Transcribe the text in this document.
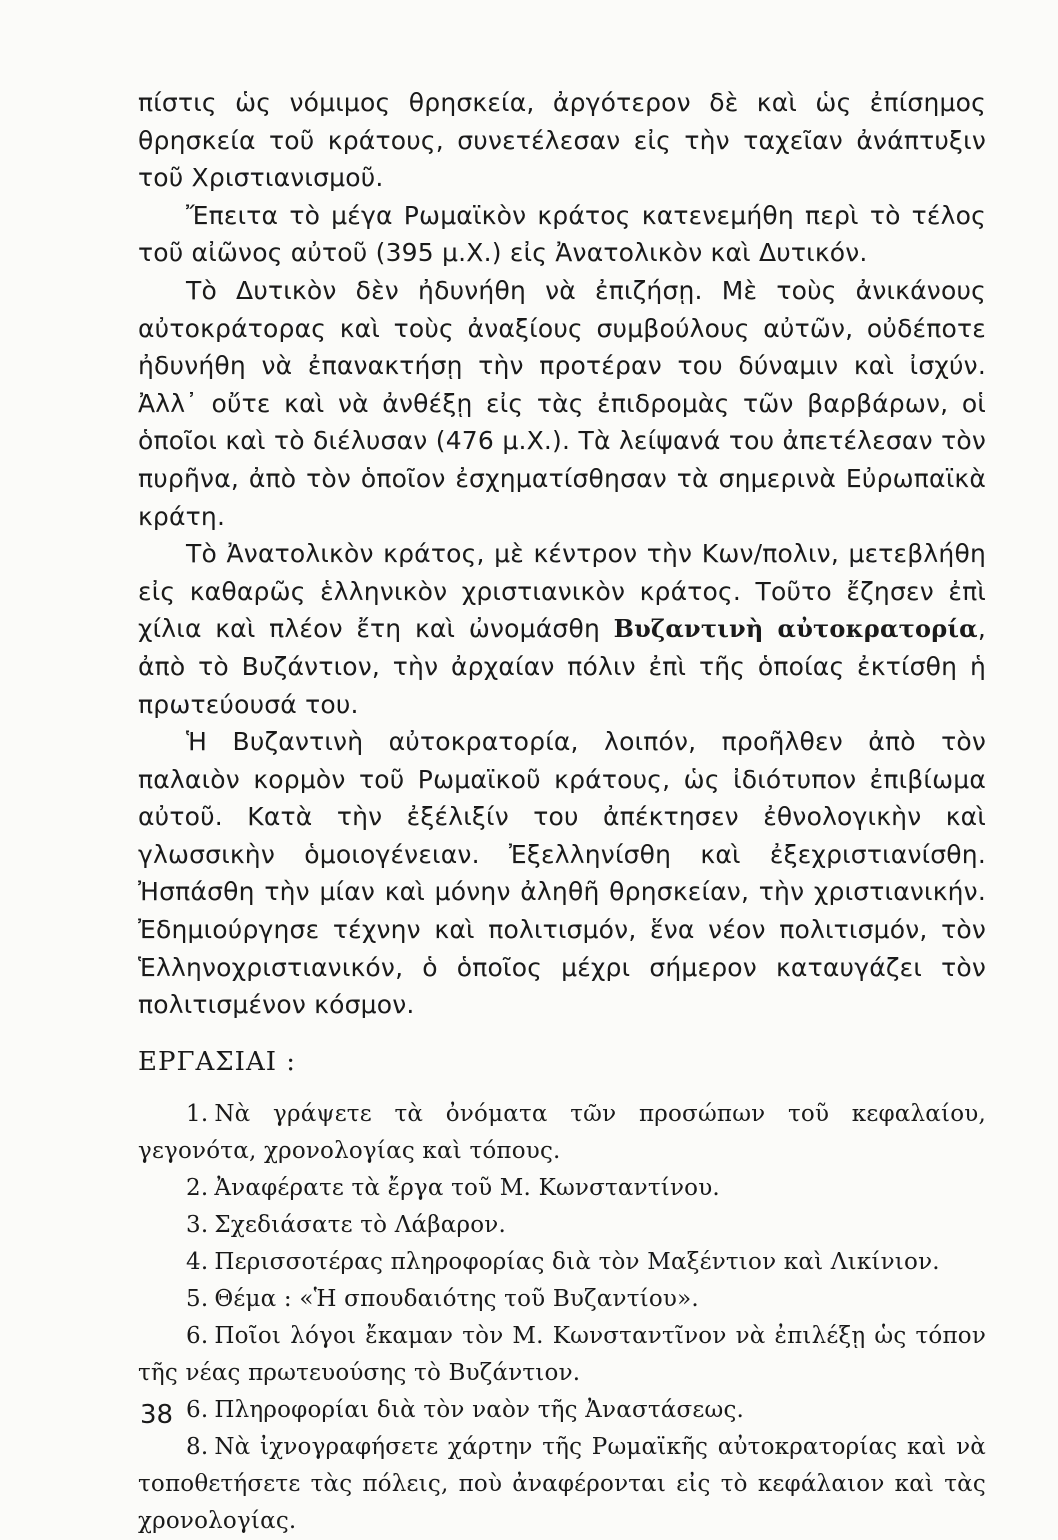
πίστις ὡς νόμιμος θρησκεία, ἀργότερον δὲ καὶ ὡς ἐπίσημος θρησκεία τοῦ κράτους, συνετέλεσαν εἰς τὴν ταχεῖαν ἀνάπτυξιν τοῦ Χριστιανισμοῦ.

Ἔπειτα τὸ μέγα Ρωμαϊκὸν κράτος κατενεμήθη περὶ τὸ τέλος τοῦ αἰῶνος αὐτοῦ (395 μ.Χ.) εἰς Ἀνατολικὸν καὶ Δυτικόν.

Τὸ Δυτικὸν δὲν ἠδυνήθη νὰ ἐπιζήσῃ. Μὲ τοὺς ἀνικάνους αὐτοκράτορας καὶ τοὺς ἀναξίους συμβούλους αὐτῶν, οὐδέποτε ἠδυνήθη νὰ ἐπανακτήσῃ τὴν προτέραν του δύναμιν καὶ ἰσχύν. Ἀλλ᾽ οὔτε καὶ νὰ ἀνθέξῃ εἰς τὰς ἐπιδρομὰς τῶν βαρβάρων, οἱ ὁποῖοι καὶ τὸ διέλυσαν (476 μ.Χ.). Τὰ λείψανά του ἀπετέλεσαν τὸν πυρῆνα, ἀπὸ τὸν ὁποῖον ἐσχηματίσθησαν τὰ σημερινὰ Εὐρωπαϊκὰ κράτη.

Τὸ Ἀνατολικὸν κράτος, μὲ κέντρον τὴν Κων/πολιν, μετεβλήθη εἰς καθαρῶς ἑλληνικὸν χριστιανικὸν κράτος. Τοῦτο ἔζησεν ἐπὶ χίλια καὶ πλέον ἔτη καὶ ὠνομάσθη Βυζαντινὴ αὐτοκρατορία, ἀπὸ τὸ Βυζάντιον, τὴν ἀρχαίαν πόλιν ἐπὶ τῆς ὁποίας ἐκτίσθη ἡ πρωτεύουσά του.

Ἡ Βυζαντινὴ αὐτοκρατορία, λοιπόν, προῆλθεν ἀπὸ τὸν παλαιὸν κορμὸν τοῦ Ρωμαϊκοῦ κράτους, ὡς ἰδιότυπον ἐπιβίωμα αὐτοῦ. Κατὰ τὴν ἐξέλιξίν του ἀπέκτησεν ἐθνολογικὴν καὶ γλωσσικὴν ὁμοιογένειαν. Ἐξελληνίσθη καὶ ἐξεχριστιανίσθη. Ἠσπάσθη τὴν μίαν καὶ μόνην ἀληθῆ θρησκείαν, τὴν χριστιανικήν. Ἐδημιούργησε τέχνην καὶ πολιτισμόν, ἕνα νέον πολιτισμόν, τὸν Ἑλληνοχριστιανικόν, ὁ ὁποῖος μέχρι σήμερον καταυγάζει τὸν πολιτισμένον κόσμον.

ΕΡΓΑΣΙΑΙ :

1. Νὰ γράψετε τὰ ὀνόματα τῶν προσώπων τοῦ κεφαλαίου, γεγονότα, χρονολογίας καὶ τόπους.

2. Ἀναφέρατε τὰ ἔργα τοῦ Μ. Κωνσταντίνου.

3. Σχεδιάσατε τὸ Λάβαρον.

4. Περισσοτέρας πληροφορίας διὰ τὸν Μαξέντιον καὶ Λικίνιον.

5. Θέμα : «Ἡ σπουδαιότης τοῦ Βυζαντίου».

6. Ποῖοι λόγοι ἔκαμαν τὸν Μ. Κωνσταντῖνον νὰ ἐπιλέξῃ ὡς τόπον τῆς νέας πρωτευούσης τὸ Βυζάντιον.

6. Πληροφορίαι διὰ τὸν ναὸν τῆς Ἀναστάσεως.

8. Νὰ ἰχνογραφήσετε χάρτην τῆς Ρωμαϊκῆς αὐτοκρατορίας καὶ νὰ τοποθετήσετε τὰς πόλεις, ποὺ ἀναφέρονται εἰς τὸ κεφάλαιον καὶ τὰς χρονολογίας.

38
